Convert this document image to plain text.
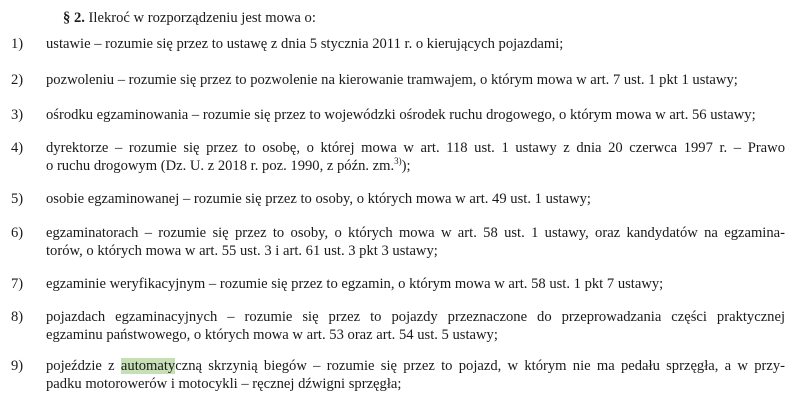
§ 2. Ilekroć w rozporządzeniu jest mowa o:
1) ustawie – rozumie się przez to ustawę z dnia 5 stycznia 2011 r. o kierujących pojazdami;
2) pozwoleniu – rozumie się przez to pozwolenie na kierowanie tramwajem, o którym mowa w art. 7 ust. 1 pkt 1 ustawy;
3) ośrodku egzaminowania – rozumie się przez to wojewódzki ośrodek ruchu drogowego, o którym mowa w art. 56 ustawy;
4) dyrektorze – rozumie się przez to osobę, o której mowa w art. 118 ust. 1 ustawy z dnia 20 czerwca 1997 r. – Prawo
o ruchu drogowym (Dz. U. z 2018 r. poz. 1990, z późn. zm.$^{3)}$);
5) osobie egzaminowanej – rozumie się przez to osoby, o których mowa w art. 49 ust. 1 ustawy;
6) egzaminatorach – rozumie się przez to osoby, o których mowa w art. 58 ust. 1 ustawy, oraz kandydatów na egzamina-
torów, o których mowa w art. 55 ust. 3 i art. 61 ust. 3 pkt 3 ustawy;
7) egzaminie weryfikacyjnym – rozumie się przez to egzamin, o którym mowa w art. 58 ust. 1 pkt 7 ustawy;
8) pojazdach egzaminacyjnych – rozumie się przez to pojazdy przeznaczone do przeprowadzania części praktycznej
egzaminu państwowego, o których mowa w art. 53 oraz art. 54 ust. 5 ustawy;
9) pojeździe z automatyczną skrzynią biegów – rozumie się przez to pojazd, w którym nie ma pedału sprzęgła, a w przy-
padku motorowerów i motocykli – ręcznej dźwigni sprzęgła;
